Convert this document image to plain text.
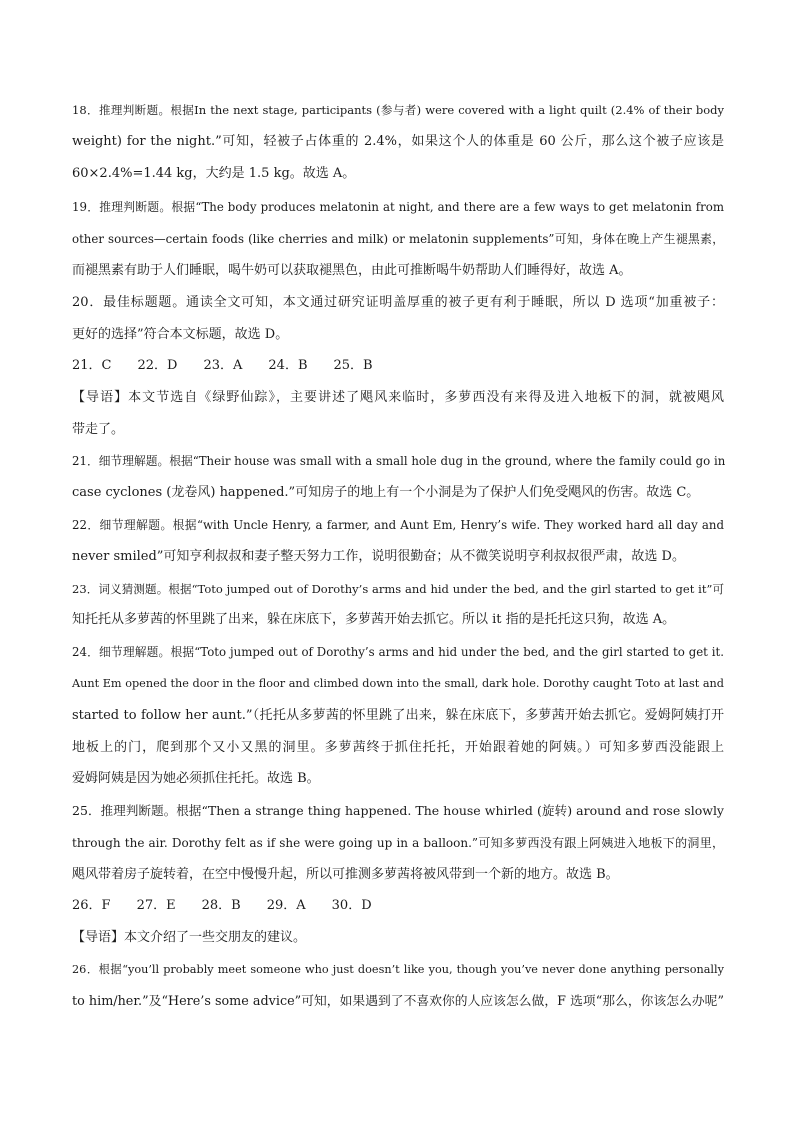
18．推理判断题。根据In the next stage, participants (参与者) were covered with a light quilt (2.4% of their body
weight) for the night.”可知，轻被子占体重的 2.4%，如果这个人的体重是 60 公斤，那么这个被子应该是
60×2.4%=1.44 kg，大约是 1.5 kg。故选 A。
19．推理判断题。根据“The body produces melatonin at night, and there are a few ways to get melatonin from
other sources—certain foods (like cherries and milk) or melatonin supplements”可知，身体在晚上产生褪黑素，
而褪黑素有助于人们睡眠，喝牛奶可以获取褪黑色，由此可推断喝牛奶帮助人们睡得好，故选 A。
20．最佳标题题。通读全文可知，本文通过研究证明盖厚重的被子更有利于睡眠，所以 D 选项“加重被子：
更好的选择”符合本文标题，故选 D。
21．C 22．D 23．A 24．B 25．B
【导语】本文节选自《绿野仙踪》，主要讲述了飓风来临时，多萝西没有来得及进入地板下的洞，就被飓风
带走了。
21．细节理解题。根据“Their house was small with a small hole dug in the ground, where the family could go in
case cyclones (龙卷风) happened.”可知房子的地上有一个小洞是为了保护人们免受飓风的伤害。故选 C。
22．细节理解题。根据“with Uncle Henry, a farmer, and Aunt Em, Henry’s wife. They worked hard all day and
never smiled”可知亨利叔叔和妻子整天努力工作，说明很勤奋；从不微笑说明亨利叔叔很严肃，故选 D。
23．词义猜测题。根据“Toto jumped out of Dorothy’s arms and hid under the bed, and the girl started to get it”可
知托托从多萝茜的怀里跳了出来，躲在床底下，多萝茜开始去抓它。所以 it 指的是托托这只狗，故选 A。
24．细节理解题。根据“Toto jumped out of Dorothy’s arms and hid under the bed, and the girl started to get it.
Aunt Em opened the door in the floor and climbed down into the small, dark hole. Dorothy caught Toto at last and
started to follow her aunt.”（托托从多萝茜的怀里跳了出来，躲在床底下，多萝茜开始去抓它。爱姆阿姨打开
地板上的门，爬到那个又小又黑的洞里。多萝茜终于抓住托托，开始跟着她的阿姨。）可知多萝西没能跟上
爱姆阿姨是因为她必须抓住托托。故选 B。
25．推理判断题。根据“Then a strange thing happened. The house whirled (旋转) around and rose slowly
through the air. Dorothy felt as if she were going up in a balloon.”可知多萝西没有跟上阿姨进入地板下的洞里，
飓风带着房子旋转着，在空中慢慢升起，所以可推测多萝茜将被风带到一个新的地方。故选 B。
26．F 27．E 28．B 29．A 30．D
【导语】本文介绍了一些交朋友的建议。
26．根据“you’ll probably meet someone who just doesn’t like you, though you’ve never done anything personally
to him/her.”及“Here’s some advice”可知，如果遇到了不喜欢你的人应该怎么做，F 选项“那么，你该怎么办呢”
